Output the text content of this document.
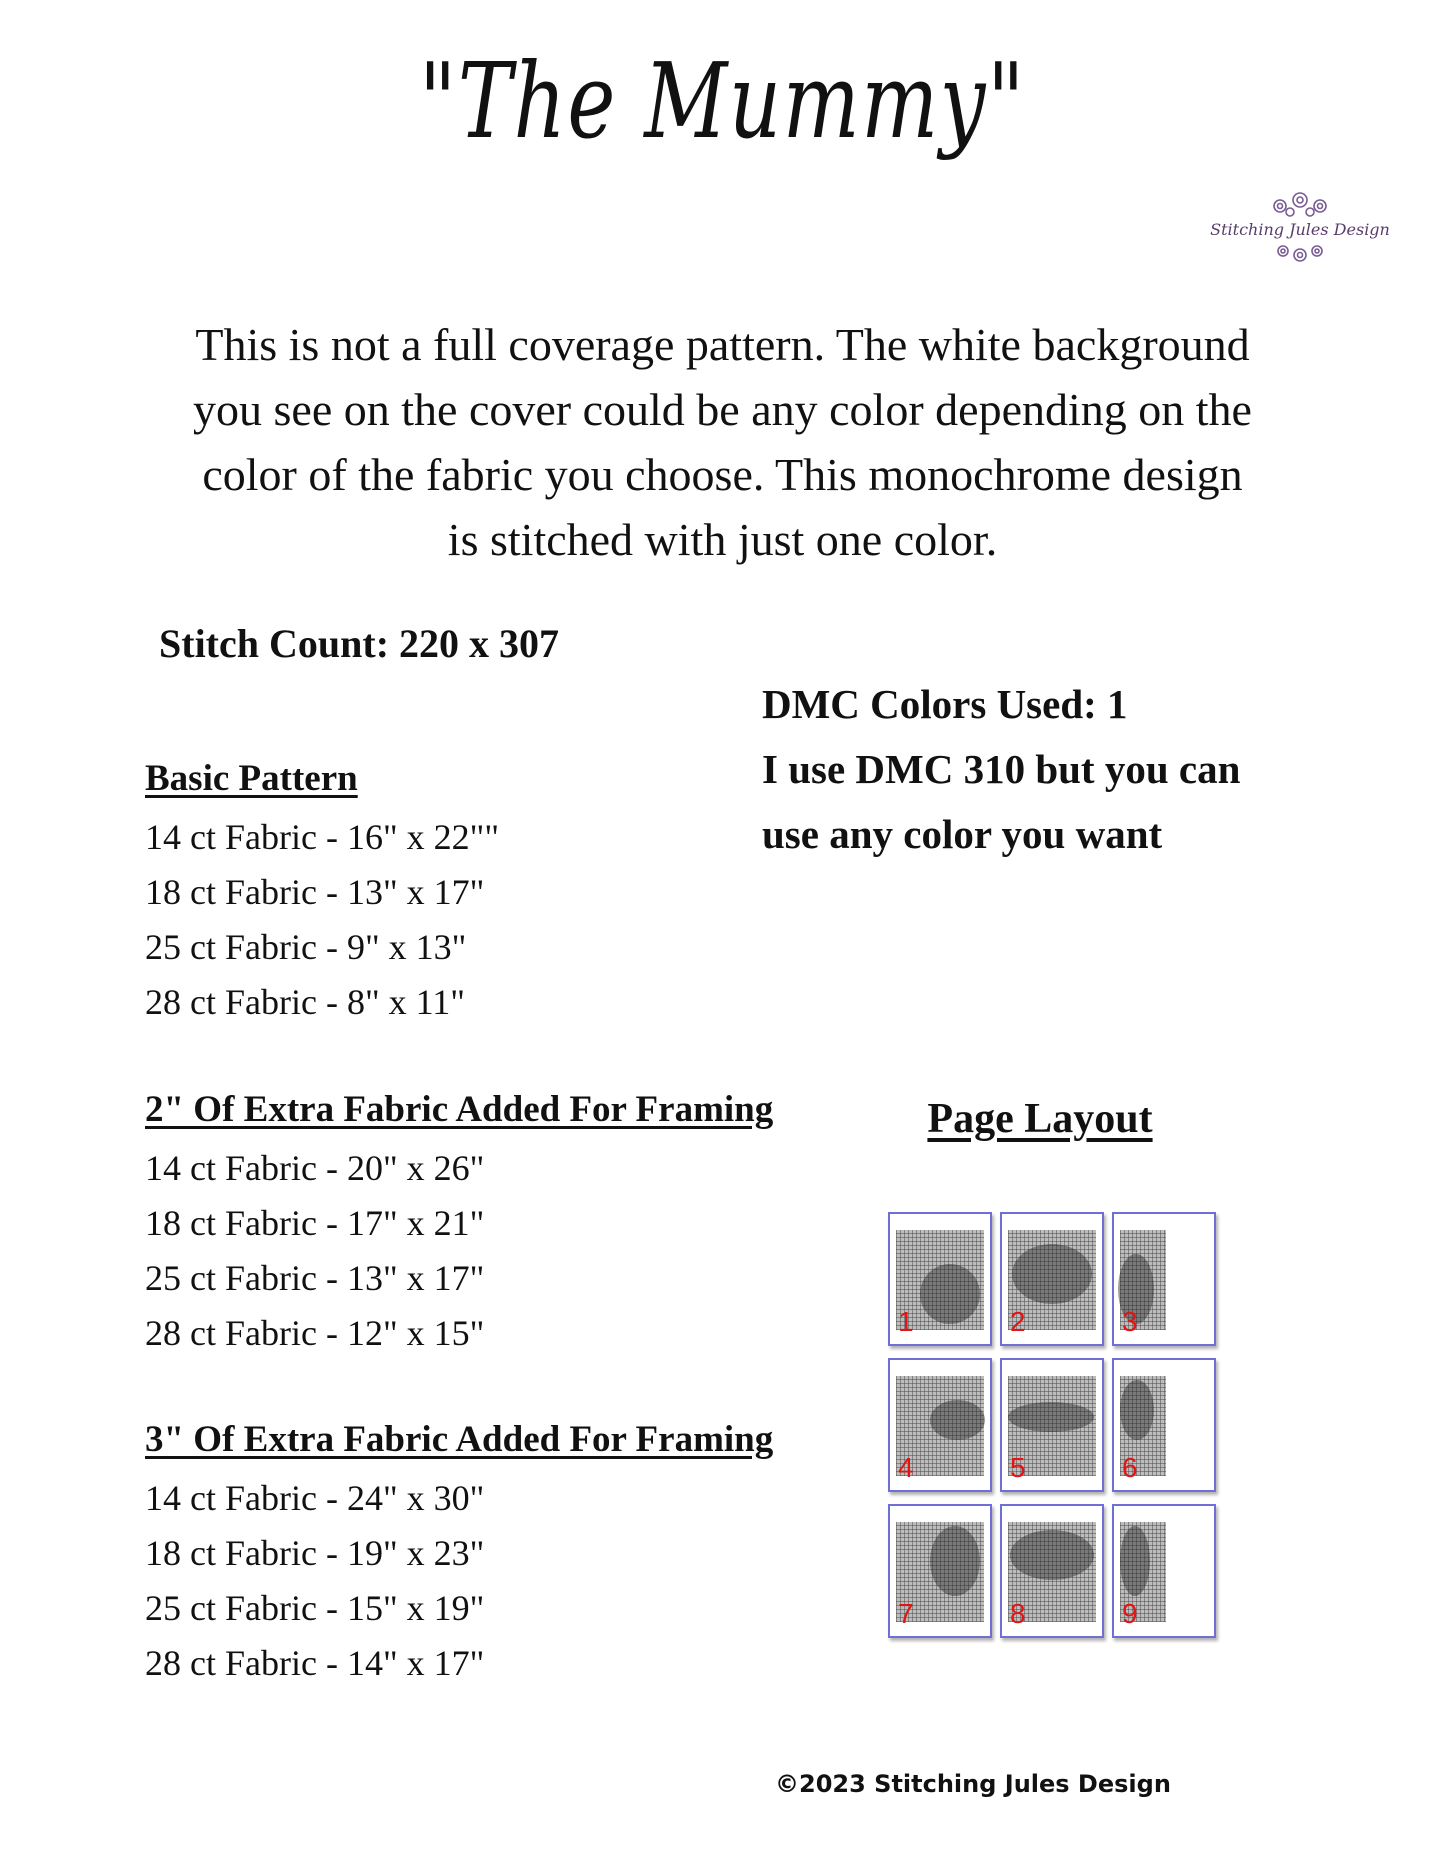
"The Mummy"
Stitching Jules Design
This is not a full coverage pattern. The white background
you see on the cover could be any color depending on the
color of the fabric you choose. This monochrome design
is stitched with just one color.
Stitch Count: 220 x 307
DMC Colors Used: 1
I use DMC 310 but you can
use any color you want
Basic Pattern
14 ct Fabric - 16" x 22""
18 ct Fabric - 13" x 17"
25 ct Fabric - 9" x 13"
28 ct Fabric - 8" x 11"
2" Of Extra Fabric Added For Framing
14 ct Fabric - 20" x 26"
18 ct Fabric - 17" x 21"
25 ct Fabric - 13" x 17"
28 ct Fabric - 12" x 15"
3" Of Extra Fabric Added For Framing
14 ct Fabric - 24" x 30"
18 ct Fabric - 19" x 23"
25 ct Fabric - 15" x 19"
28 ct Fabric - 14" x 17"
Page Layout
1	2	3
4	5	6
7	8	9
©2023 Stitching Jules Design
